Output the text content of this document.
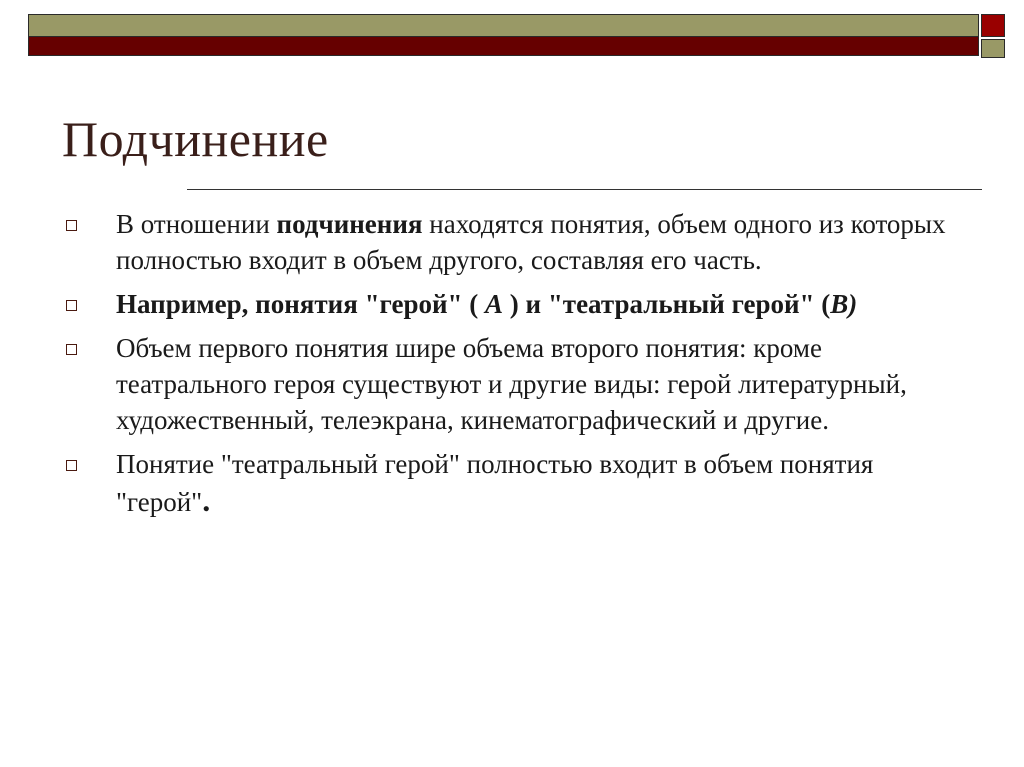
Подчинение
В отношении подчинения находятся понятия, объем одного из которых полностью входит в объем другого, составляя его часть.
Например, понятия "герой" ( А ) и "театральный герой" (В)
Объем первого понятия шире объема второго понятия: кроме театрального героя существуют и другие виды: герой литературный, художественный, телеэкрана, кинематографический и другие.
Понятие "театральный герой" полностью входит в объем понятия "герой".
